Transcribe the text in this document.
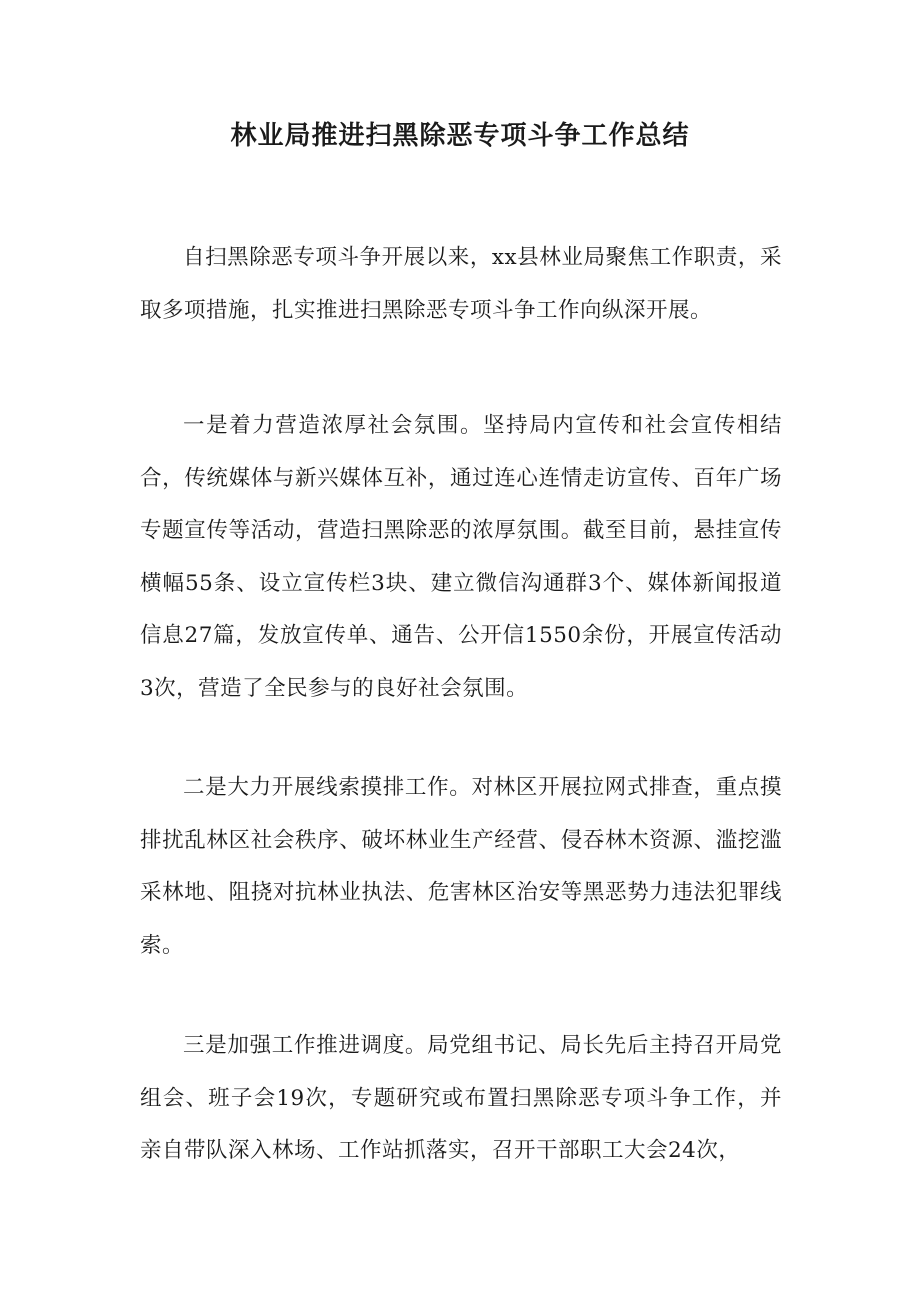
林业局推进扫黑除恶专项斗争工作总结

自扫黑除恶专项斗争开展以来，xx县林业局聚焦工作职责，采取多项措施，扎实推进扫黑除恶专项斗争工作向纵深开展。

一是着力营造浓厚社会氛围。坚持局内宣传和社会宣传相结合，传统媒体与新兴媒体互补，通过连心连情走访宣传、百年广场专题宣传等活动，营造扫黑除恶的浓厚氛围。截至目前，悬挂宣传横幅55条、设立宣传栏3块、建立微信沟通群3个、媒体新闻报道信息27篇，发放宣传单、通告、公开信1550余份，开展宣传活动3次，营造了全民参与的良好社会氛围。

二是大力开展线索摸排工作。对林区开展拉网式排查，重点摸排扰乱林区社会秩序、破坏林业生产经营、侵吞林木资源、滥挖滥采林地、阻挠对抗林业执法、危害林区治安等黑恶势力违法犯罪线索。

三是加强工作推进调度。局党组书记、局长先后主持召开局党组会、班子会19次，专题研究或布置扫黑除恶专项斗争工作，并亲自带队深入林场、工作站抓落实，召开干部职工大会24次，
